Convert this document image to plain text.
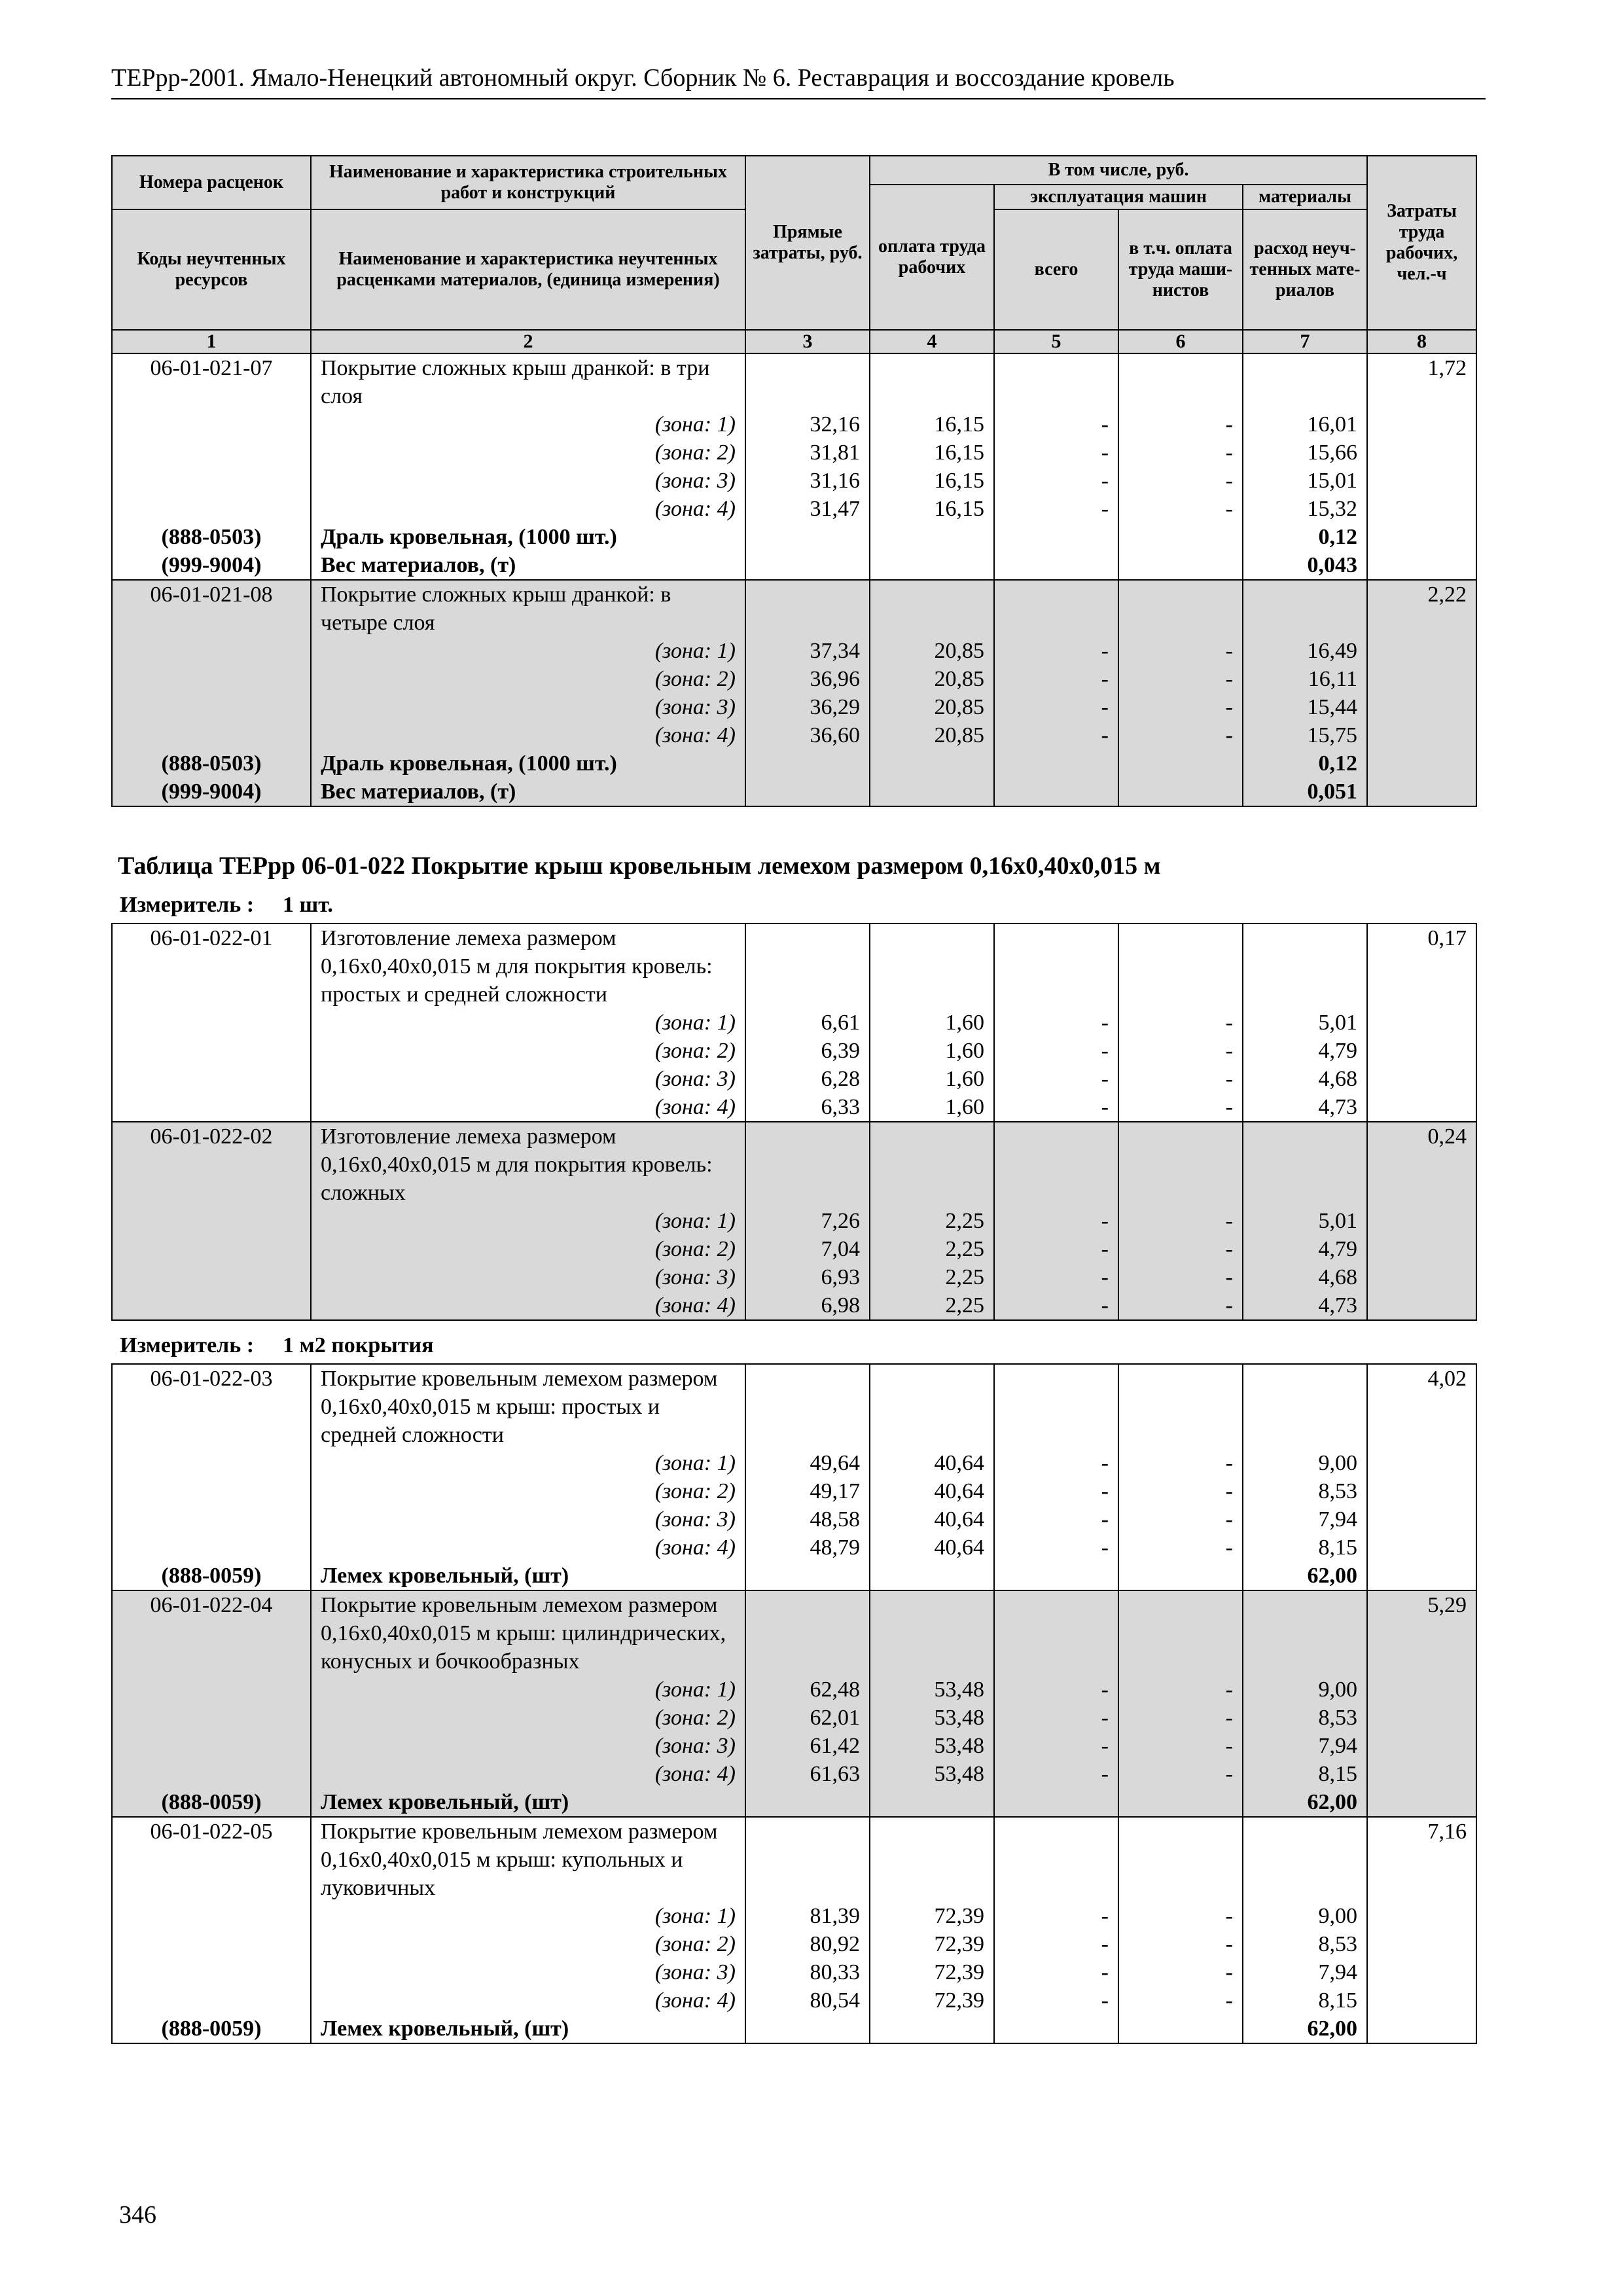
ТЕРрр-2001. Ямало-Ненецкий автономный округ. Сборник № 6. Реставрация и воссоздание кровель
Номера расценок	Наименование и характеристика строительных работ и конструкций	Прямые затраты, руб.	В том числе, руб.				Затраты труда рабочих, чел.-ч
			оплата труда рабочих	эксплуатация машин		материалы	
Коды неучтенных ресурсов	Наименование и характеристика неучтенных расценками материалов, (единица измерения)			всего	в т.ч. оплата труда маши-нистов	расход неуч-тенных мате-риалов	

1	2	3	4	5	6	7	8
06-01-021-07	Покрытие сложных крыш дранкой: в три слоя						1,72
	(зона: 1)	32,16	16,15	-	-	16,01	
	(зона: 2)	31,81	16,15	-	-	15,66	
	(зона: 3)	31,16	16,15	-	-	15,01	
	(зона: 4)	31,47	16,15	-	-	15,32	
(888-0503)	Драль кровельная, (1000 шт.)					0,12	
(999-9004)	Вес материалов, (т)					0,043	
06-01-021-08	Покрытие сложных крыш дранкой: в четыре слоя						2,22
	(зона: 1)	37,34	20,85	-	-	16,49	
	(зона: 2)	36,96	20,85	-	-	16,11	
	(зона: 3)	36,29	20,85	-	-	15,44	
	(зона: 4)	36,60	20,85	-	-	15,75	
(888-0503)	Драль кровельная, (1000 шт.)					0,12	
(999-9004)	Вес материалов, (т)					0,051	
Таблица ТЕРрр 06-01-022 Покрытие крыш кровельным лемехом размером 0,16х0,40х0,015 м
Измеритель : 1 шт.
06-01-022-01	Изготовление лемеха размером 0,16х0,40х0,015 м для покрытия кровель: простых и средней сложности						0,17
	(зона: 1)	6,61	1,60	-	-	5,01	
	(зона: 2)	6,39	1,60	-	-	4,79	
	(зона: 3)	6,28	1,60	-	-	4,68	
	(зона: 4)	6,33	1,60	-	-	4,73	
06-01-022-02	Изготовление лемеха размером 0,16х0,40х0,015 м для покрытия кровель: сложных						0,24
	(зона: 1)	7,26	2,25	-	-	5,01	
	(зона: 2)	7,04	2,25	-	-	4,79	
	(зона: 3)	6,93	2,25	-	-	4,68	
	(зона: 4)	6,98	2,25	-	-	4,73	
Измеритель : 1 м2 покрытия
06-01-022-03	Покрытие кровельным лемехом размером 0,16х0,40х0,015 м крыш: простых и средней сложности						4,02
	(зона: 1)	49,64	40,64	-	-	9,00	
	(зона: 2)	49,17	40,64	-	-	8,53	
	(зона: 3)	48,58	40,64	-	-	7,94	
	(зона: 4)	48,79	40,64	-	-	8,15	
(888-0059)	Лемех кровельный, (шт)					62,00	
06-01-022-04	Покрытие кровельным лемехом размером 0,16х0,40х0,015 м крыш: цилиндрических, конусных и бочкообразных						5,29
	(зона: 1)	62,48	53,48	-	-	9,00	
	(зона: 2)	62,01	53,48	-	-	8,53	
	(зона: 3)	61,42	53,48	-	-	7,94	
	(зона: 4)	61,63	53,48	-	-	8,15	
(888-0059)	Лемех кровельный, (шт)					62,00	
06-01-022-05	Покрытие кровельным лемехом размером 0,16х0,40х0,015 м крыш: купольных и луковичных						7,16
	(зона: 1)	81,39	72,39	-	-	9,00	
	(зона: 2)	80,92	72,39	-	-	8,53	
	(зона: 3)	80,33	72,39	-	-	7,94	
	(зона: 4)	80,54	72,39	-	-	8,15	
(888-0059)	Лемех кровельный, (шт)					62,00	
346
